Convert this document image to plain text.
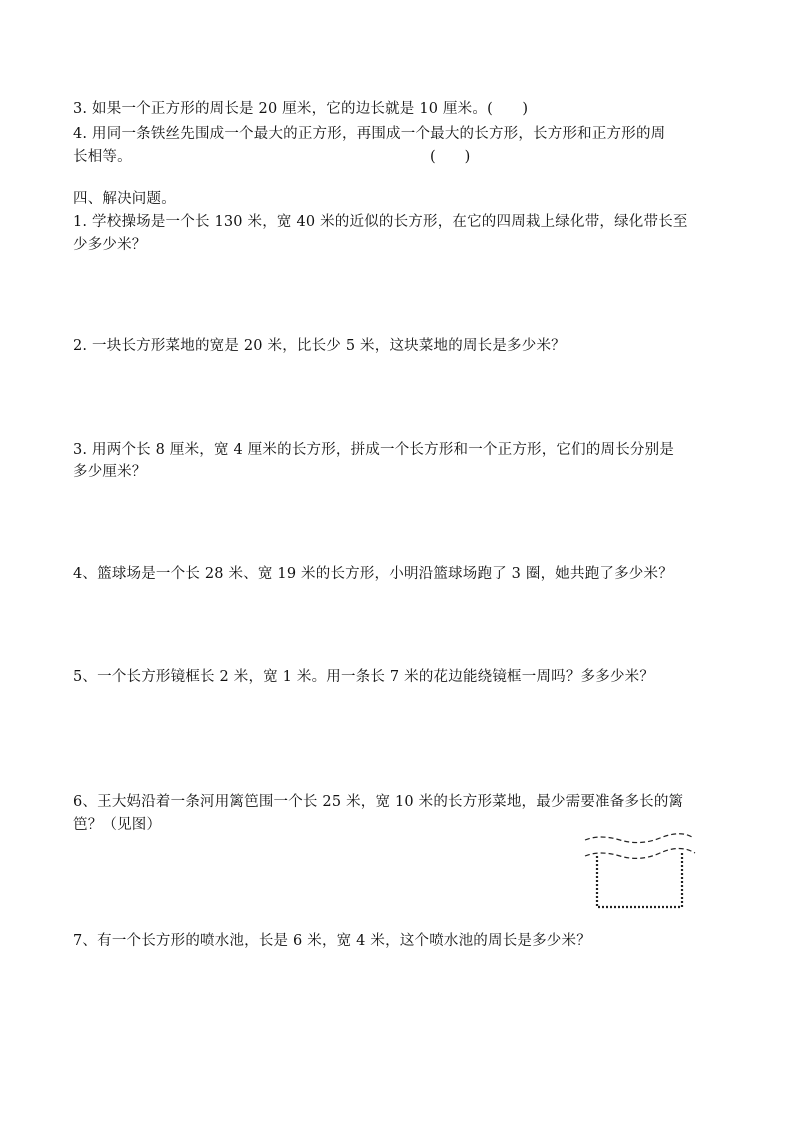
3. 如果一个正方形的周长是 20 厘米，它的边长就是 10 厘米。(　　)
4. 用同一条铁丝先围成一个最大的正方形，再围成一个最大的长方形，长方形和正方形的周
长相等。	(　　)
四、解决问题。
1. 学校操场是一个长 130 米，宽 40 米的近似的长方形，在它的四周栽上绿化带，绿化带长至
少多少米？
2. 一块长方形菜地的宽是 20 米，比长少 5 米，这块菜地的周长是多少米？
3. 用两个长 8 厘米，宽 4 厘米的长方形，拼成一个长方形和一个正方形，它们的周长分别是
多少厘米？
4、篮球场是一个长 28 米、宽 19 米的长方形，小明沿篮球场跑了 3 圈，她共跑了多少米？
5、一个长方形镜框长 2 米，宽 1 米。用一条长 7 米的花边能绕镜框一周吗？多多少米？
6、王大妈沿着一条河用篱笆围一个长 25 米，宽 10 米的长方形菜地，最少需要准备多长的篱
笆？（见图）
7、有一个长方形的喷水池，长是 6 米，宽 4 米，这个喷水池的周长是多少米？
